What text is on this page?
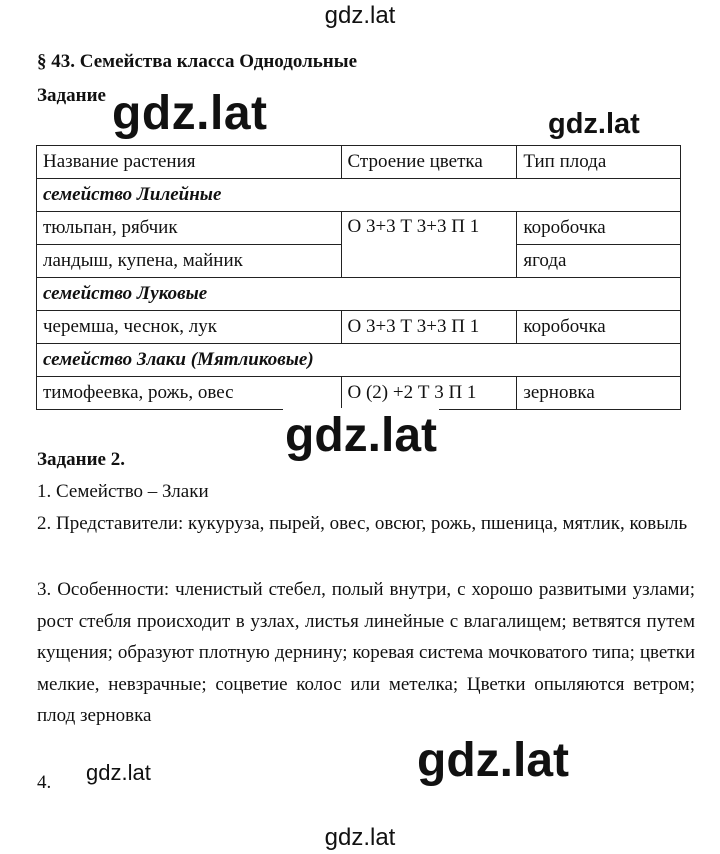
gdz.lat
§ 43. Семейства класса Однодольные
Задание gdz.lat	gdz.lat
Название растения	Строение цветка	Тип плода
семейство Лилейные		
тюльпан, рябчик	О 3+3 Т 3+3 П 1	коробочка
ландыш, купена, майник		ягода
семейство Луковые		
черемша, чеснок, лук	О 3+3 Т 3+3 П 1	коробочка
семейство Злаки (Мятликовые)		
тимофеевка, рожь, овес	О (2) +2 Т 3 П 1	зерновка
gdz.lat
Задание 2.
1. Семейство – Злаки
2. Представители: кукуруза, пырей, овес, овсюг, рожь, пшеница, мятлик, ковыль
3. Особенности: членистый стебел, полый внутри, с хорошо развитыми узлами; рост стебля происходит в узлах, листья линейные с влагалищем; ветвятся путем кущения; образуют плотную дернину; коревая система мочковатого типа; цветки мелкие, невзрачные; соцветие колос или метелка; Цветки опыляются ветром; плод зерновка
4.	gdz.lat
gdz.lat
gdz.lat
